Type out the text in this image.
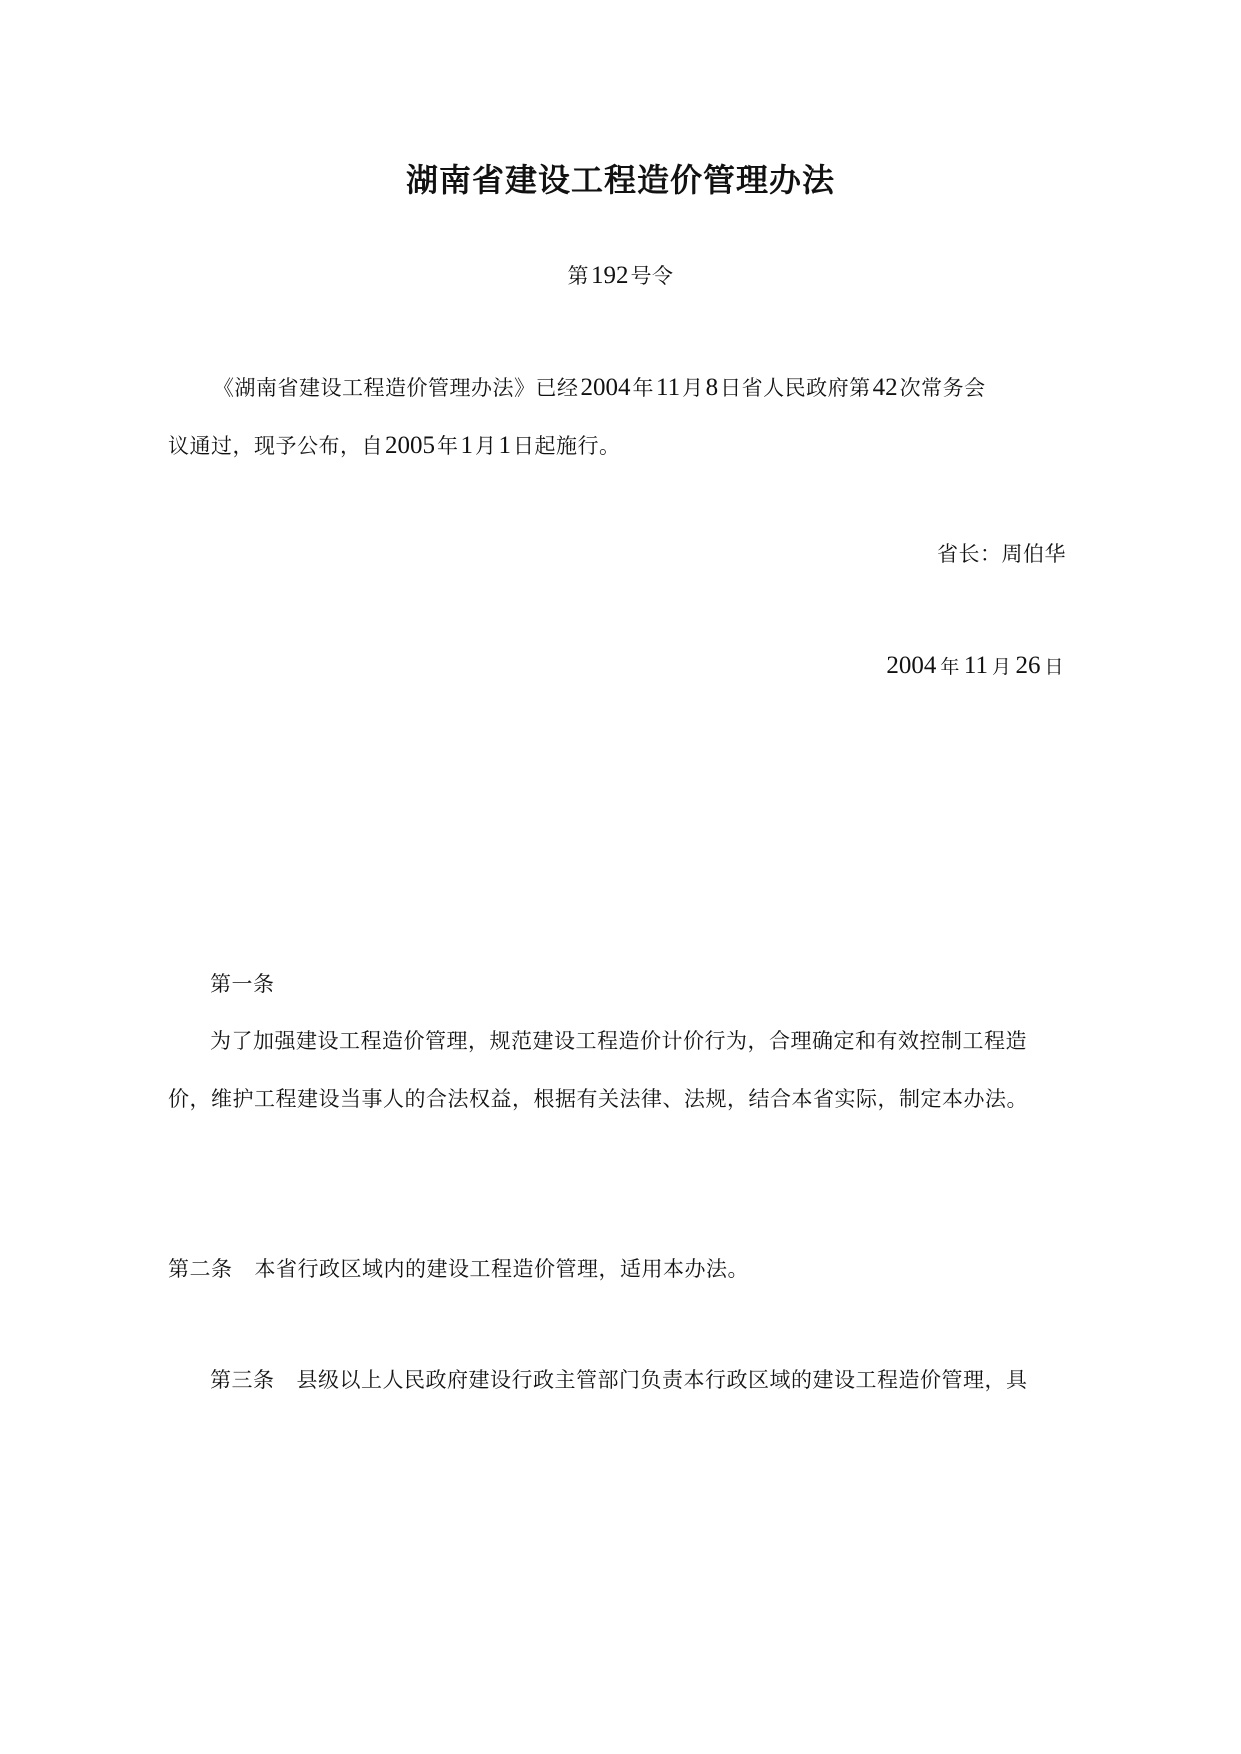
湖南省建设工程造价管理办法
第192号令
《湖南省建设工程造价管理办法》已经2004年11月8日省人民政府第42次常务会
议通过，现予公布，自2005年1月1日起施行。
省长：周伯华
2004 年 11 月 26 日
第一条
为了加强建设工程造价管理，规范建设工程造价计价行为，合理确定和有效控制工程造
价，维护工程建设当事人的合法权益，根据有关法律、法规，结合本省实际，制定本办法。
第二条 本省行政区域内的建设工程造价管理，适用本办法。
第三条 县级以上人民政府建设行政主管部门负责本行政区域的建设工程造价管理，具
